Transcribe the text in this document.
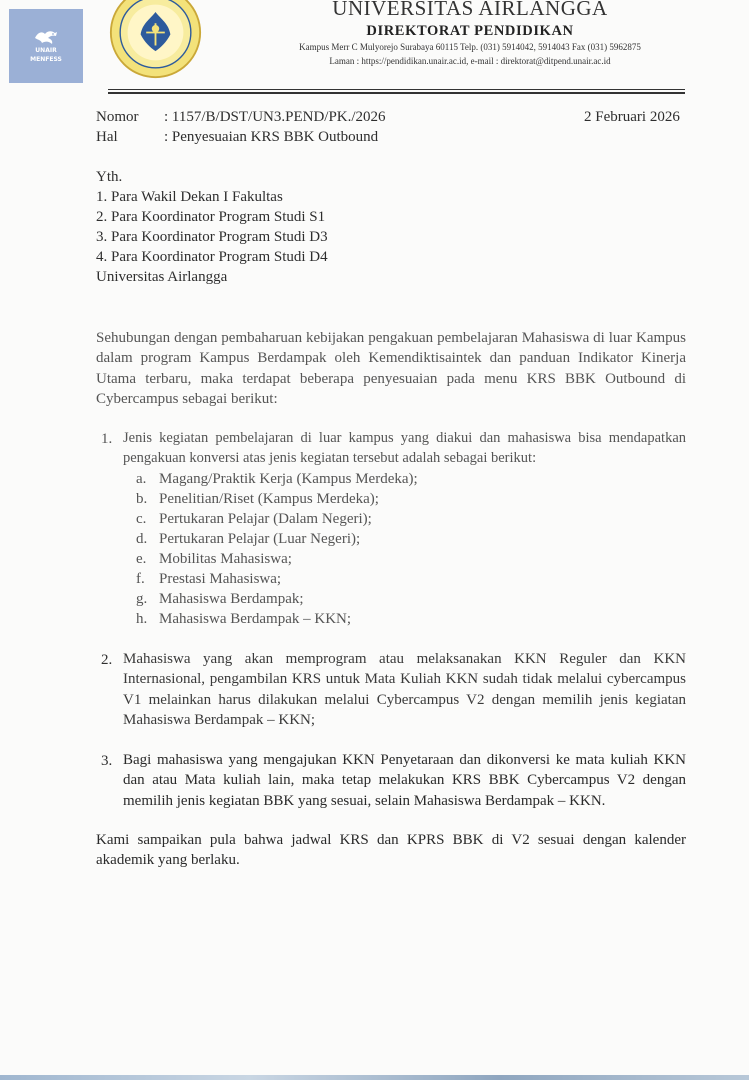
UNAIR
MENFESS
UNIVERSITAS AIRLANGGA
DIREKTORAT PENDIDIKAN
Kampus Merr C Mulyorejo Surabaya 60115 Telp. (031) 5914042, 5914043 Fax (031) 5962875
Laman : https://pendidikan.unair.ac.id, e-mail : direktorat@ditpend.unair.ac.id
Nomor : 1157/B/DST/UN3.PEND/PK./2026	2 Februari 2026
Hal	: Penyesuaian KRS BBK Outbound
Yth.
1. Para Wakil Dekan I Fakultas
2. Para Koordinator Program Studi S1
3. Para Koordinator Program Studi D3
4. Para Koordinator Program Studi D4
Universitas Airlangga
Sehubungan dengan pembaharuan kebijakan pengakuan pembelajaran Mahasiswa di luar Kampus dalam program Kampus Berdampak oleh Kemendiktisaintek dan panduan Indikator Kinerja Utama terbaru, maka terdapat beberapa penyesuaian pada menu KRS BBK Outbound di Cybercampus sebagai berikut:
1. Jenis kegiatan pembelajaran di luar kampus yang diakui dan mahasiswa bisa mendapatkan pengakuan konversi atas jenis kegiatan tersebut adalah sebagai berikut:
a. Magang/Praktik Kerja (Kampus Merdeka);
b. Penelitian/Riset (Kampus Merdeka);
c. Pertukaran Pelajar (Dalam Negeri);
d. Pertukaran Pelajar (Luar Negeri);
e. Mobilitas Mahasiswa;
f. Prestasi Mahasiswa;
g. Mahasiswa Berdampak;
h. Mahasiswa Berdampak – KKN;
2. Mahasiswa yang akan memprogram atau melaksanakan KKN Reguler dan KKN Internasional, pengambilan KRS untuk Mata Kuliah KKN sudah tidak melalui cybercampus V1 melainkan harus dilakukan melalui Cybercampus V2 dengan memilih jenis kegiatan Mahasiswa Berdampak – KKN;
3. Bagi mahasiswa yang mengajukan KKN Penyetaraan dan dikonversi ke mata kuliah KKN dan atau Mata kuliah lain, maka tetap melakukan KRS BBK Cybercampus V2 dengan memilih jenis kegiatan BBK yang sesuai, selain Mahasiswa Berdampak – KKN.
Kami sampaikan pula bahwa jadwal KRS dan KPRS BBK di V2 sesuai dengan kalender akademik yang berlaku.
